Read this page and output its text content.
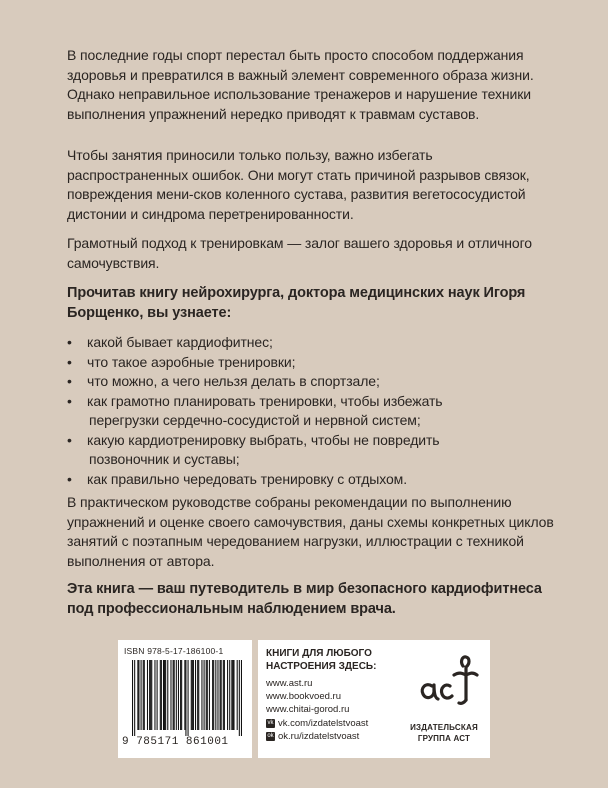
В последние годы спорт перестал быть просто способом поддержания здоровья и превратился в важный элемент современного образа жизни. Однако неправильное использование тренажеров и нарушение техники выполнения упражнений нередко приводят к травмам суставов.

Чтобы занятия приносили только пользу, важно избегать распространенных ошибок. Они могут стать причиной разрывов связок, повреждения мени-сков коленного сустава, развития вегетососудистой дистонии и синдрома перетренированности.

Грамотный подход к тренировкам — залог вашего здоровья и отличного самочувствия.

Прочитав книгу нейрохирурга, доктора медицинских наук Игоря Борщенко, вы узнаете:

• какой бывает кардиофитнес;
• что такое аэробные тренировки;
• что можно, а чего нельзя делать в спортзале;
• как грамотно планировать тренировки, чтобы избежать
перегрузки сердечно-сосудистой и нервной систем;
• какую кардиотренировку выбрать, чтобы не повредить
позвоночник и суставы;
• как правильно чередовать тренировку с отдыхом.

В практическом руководстве собраны рекомендации по выполнению упражнений и оценке своего самочувствия, даны схемы конкретных циклов занятий с поэтапным чередованием нагрузки, иллюстрации с техникой выполнения от автора.

Эта книга — ваш путеводитель в мир безопасного кардиофитнеса под профессиональным наблюдением врача.

ISBN 978-5-17-186100-1
9 785171 861001
КНИГИ ДЛЯ ЛЮБОГО
НАСТРОЕНИЯ ЗДЕСЬ:
www.ast.ru
www.bookvoed.ru
www.chitai-gorod.ru
vk vk.com/izdatelstvoast
ok ok.ru/izdatelstvoast
ИЗДАТЕЛЬСКАЯ
ГРУППА АСТ
